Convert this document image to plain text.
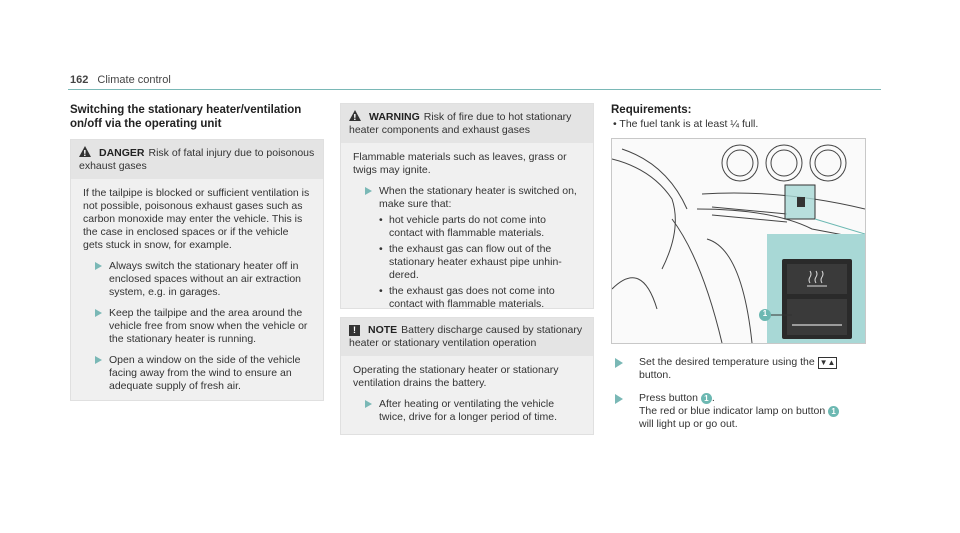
162 Climate control
Switching the stationary heater/ventilation on/off via the operating unit
!DANGER Risk of fatal injury due to poisonous exhaust gases

If the tailpipe is blocked or sufficient ventilation is not possible, poisonous exhaust gases such as carbon monoxide may enter the vehicle. This is the case in enclosed spaces or if the vehicle gets stuck in snow, for example.

Always switch the stationary heater off in enclosed spaces without an air extraction system, e.g. in garages.
Keep the tailpipe and the area around the vehicle free from snow when the vehicle or the stationary heater is running.
Open a window on the side of the vehicle facing away from the wind to ensure an adequate supply of fresh air.
!WARNING Risk of fire due to hot stationary heater components and exhaust gases

Flammable materials such as leaves, grass or twigs may ignite.

When the stationary heater is switched on, make sure that:
• hot vehicle parts do not come into contact with flammable materials.
• the exhaust gas can flow out of the stationary heater exhaust pipe unhindered.
• the exhaust gas does not come into contact with flammable materials.
! NOTE Battery discharge caused by stationary heater or stationary ventilation operation

Operating the stationary heater or stationary ventilation drains the battery.

After heating or ventilating the vehicle twice, drive for a longer period of time.
Requirements:
• The fuel tank is at least ¼ full.
1
Set the desired temperature using the ▼▲
button.
Press button 1 .
The red or blue indicator lamp on button 1
will light up or go out.
